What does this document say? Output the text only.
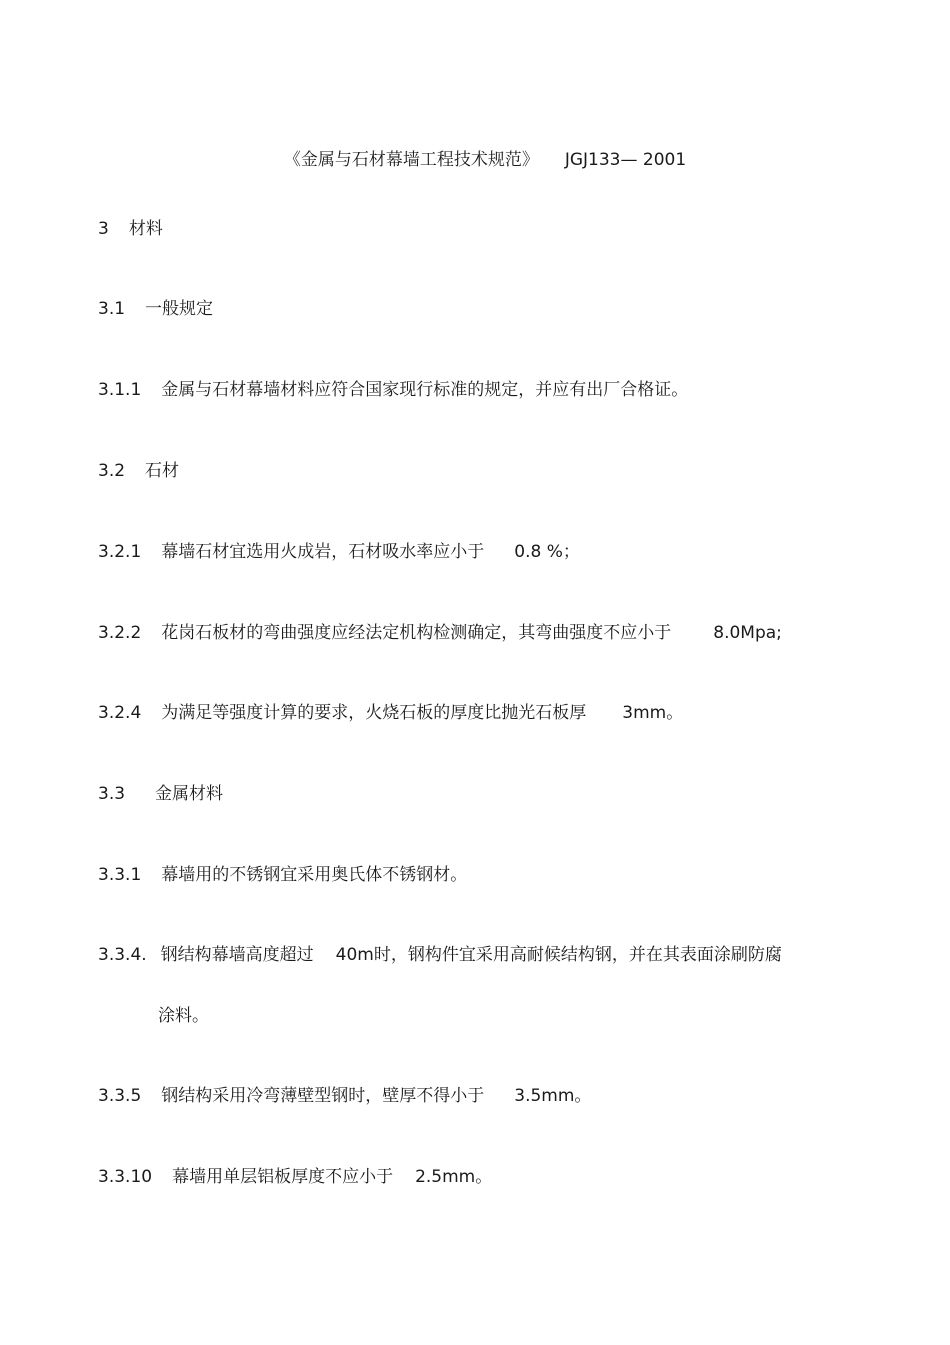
《金属与石材幕墙工程技术规范》 JGJ133— 2001
3 材料
3.1 一般规定
3.1.1 金属与石材幕墙材料应符合国家现行标准的规定，并应有出厂合格证。
3.2 石材
3.2.1 幕墙石材宜选用火成岩，石材吸水率应小于 0.8 %；
3.2.2 花岗石板材的弯曲强度应经法定机构检测确定，其弯曲强度不应小于 8.0Mpa;
3.2.4 为满足等强度计算的要求，火烧石板的厚度比抛光石板厚 3mm。
3.3 金属材料
3.3.1 幕墙用的不锈钢宜采用奥氏体不锈钢材。
3.3.4. 钢结构幕墙高度超过 40m时，钢构件宜采用高耐候结构钢，并在其表面涂刷防腐
涂料。
3.3.5 钢结构采用冷弯薄壁型钢时，壁厚不得小于 3.5mm。
3.3.10 幕墙用单层铝板厚度不应小于 2.5mm。
